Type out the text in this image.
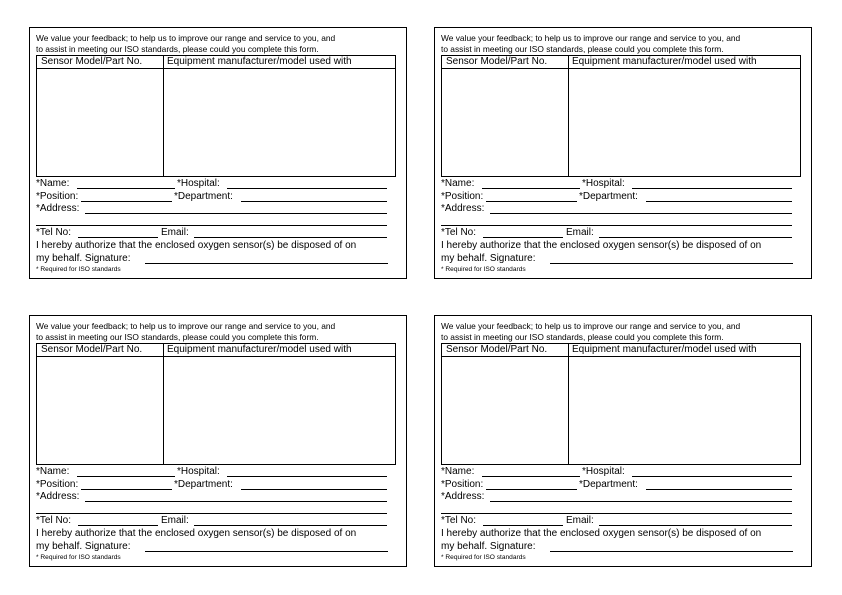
We value your feedback; to help us to improve our range and service to you, and
to assist in meeting our ISO standards, please could you complete this form.
Sensor Model/Part No. Equipment manufacturer/model used with
*Name:	*Hospital:
*Position:	*Department:
*Address:
*Tel No:	Email:
I hereby authorize that the enclosed oxygen sensor(s) be disposed of on
my behalf. Signature:
* Required for ISO standards
We value your feedback; to help us to improve our range and service to you, and
to assist in meeting our ISO standards, please could you complete this form.
Sensor Model/Part No. Equipment manufacturer/model used with
*Name:	*Hospital:
*Position:	*Department:
*Address:
*Tel No:	Email:
I hereby authorize that the enclosed oxygen sensor(s) be disposed of on
my behalf. Signature:
* Required for ISO standards
We value your feedback; to help us to improve our range and service to you, and
to assist in meeting our ISO standards, please could you complete this form.
Sensor Model/Part No. Equipment manufacturer/model used with
*Name:	*Hospital:
*Position:	*Department:
*Address:
*Tel No:	Email:
I hereby authorize that the enclosed oxygen sensor(s) be disposed of on
my behalf. Signature:
* Required for ISO standards
We value your feedback; to help us to improve our range and service to you, and
to assist in meeting our ISO standards, please could you complete this form.
Sensor Model/Part No. Equipment manufacturer/model used with
*Name:	*Hospital:
*Position:	*Department:
*Address:
*Tel No:	Email:
I hereby authorize that the enclosed oxygen sensor(s) be disposed of on
my behalf. Signature:
* Required for ISO standards
